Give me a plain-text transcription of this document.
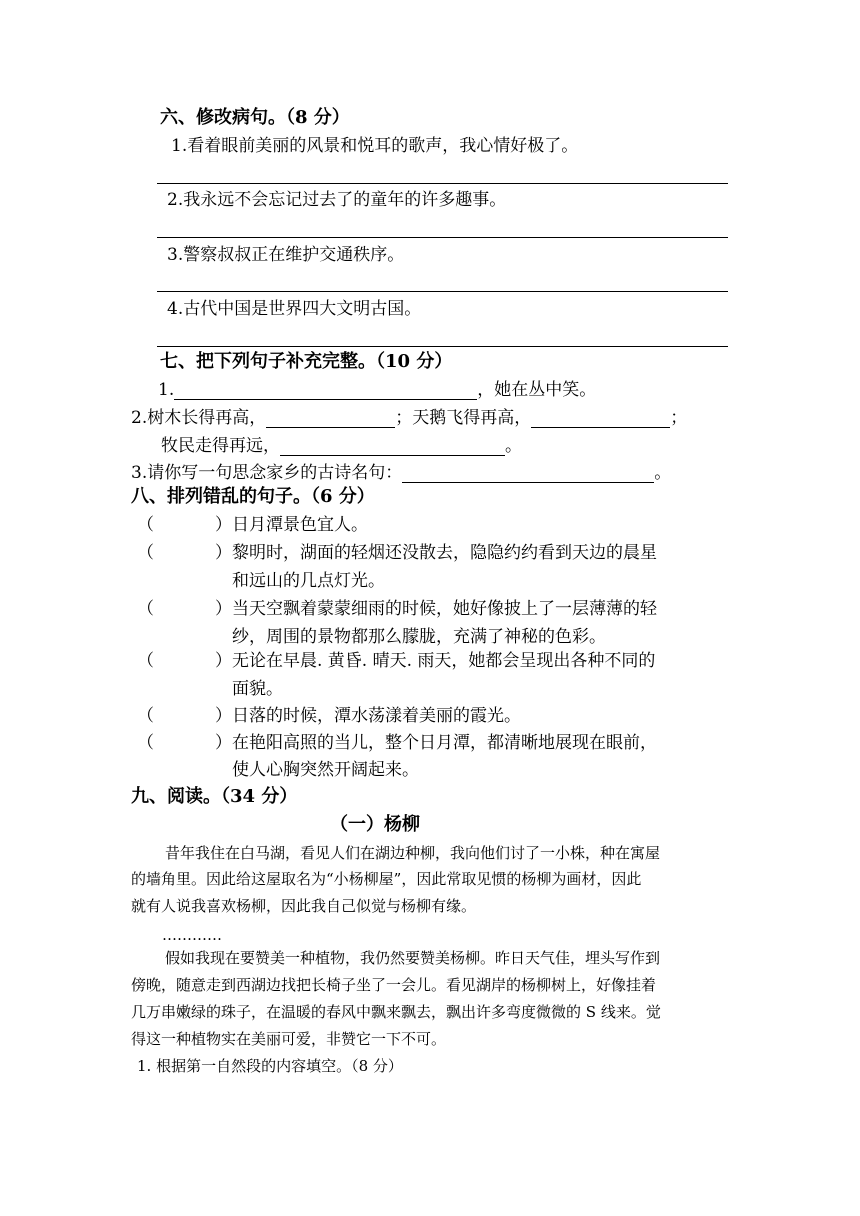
六、修改病句。（8 分）
1.看着眼前美丽的风景和悦耳的歌声，我心情好极了。
2.我永远不会忘记过去了的童年的许多趣事。
3.警察叔叔正在维护交通秩序。
4.古代中国是世界四大文明古国。
七、把下列句子补充完整。（10 分）
1.	，她在丛中笑。
2.树木长得再高，	；天鹅飞得再高，	；
牧民走得再远，	。
3.请你写一句思念家乡的古诗名句：	。
八、排列错乱的句子。（6 分）
（	） 日月潭景色宜人。
（	） 黎明时，湖面的轻烟还没散去，隐隐约约看到天边的晨星
和远山的几点灯光。
（	） 当天空飘着蒙蒙细雨的时候，她好像披上了一层薄薄的轻
纱，周围的景物都那么朦胧，充满了神秘的色彩。
（	） 无论在早晨. 黄昏. 晴天. 雨天，她都会呈现出各种不同的
面貌。
（	） 日落的时候，潭水荡漾着美丽的霞光。
（	） 在艳阳高照的当儿，整个日月潭，都清晰地展现在眼前，
使人心胸突然开阔起来。
九、阅读。（34 分）
（一）杨柳
昔年我住在白马湖，看见人们在湖边种柳，我向他们讨了一小株，种在寓屋
的墙角里。因此给这屋取名为“小杨柳屋”，因此常取见惯的杨柳为画材，因此
就有人说我喜欢杨柳，因此我自己似觉与杨柳有缘。
…………
假如我现在要赞美一种植物，我仍然要赞美杨柳。昨日天气佳，埋头写作到
傍晚，随意走到西湖边找把长椅子坐了一会儿。看见湖岸的杨柳树上，好像挂着
几万串嫩绿的珠子，在温暖的春风中飘来飘去，飘出许多弯度微微的 S 线来。觉
得这一种植物实在美丽可爱，非赞它一下不可。
1. 根据第一自然段的内容填空。（8 分）
